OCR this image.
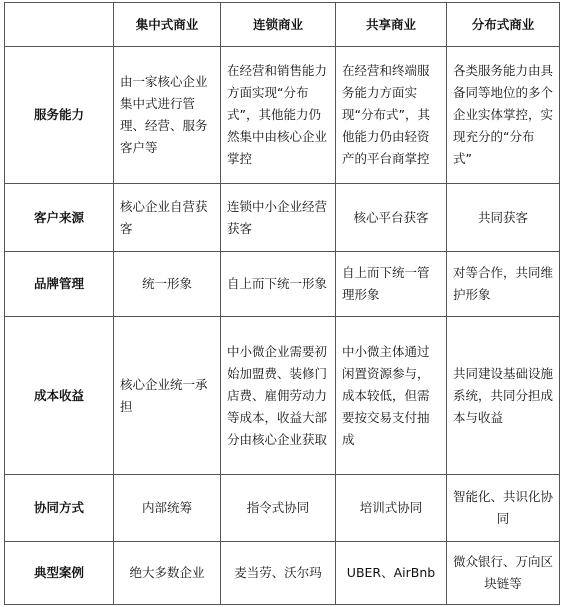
	集中式商业	连锁商业	共享商业	分布式商业
服务能力	由一家核心企业集中式进行管理、经营、服务客户等	在经营和销售能力方面实现“分布式”，其他能力仍然集中由核心企业掌控	在经营和终端服务能力方面实现“分布式”，其他能力仍由轻资产的平台商掌控	各类服务能力由具备同等地位的多个企业实体掌控，实现充分的“分布式”
客户来源	核心企业自营获客	连锁中小企业经营获客	核心平台获客	共同获客
品牌管理	统一形象	自上而下统一形象	自上而下统一管理形象	对等合作，共同维护形象
成本收益	核心企业统一承担	中小微企业需要初始加盟费、装修门店费、雇佣劳动力等成本，收益大部分由核心企业获取	中小微主体通过闲置资源参与，成本较低，但需要按交易支付抽成	共同建设基础设施系统，共同分担成本与收益
协同方式	内部统筹	指令式协同	培训式协同	智能化、共识化协同
典型案例	绝大多数企业	麦当劳、沃尔玛	UBER、AirBnb	微众银行、万向区块链等
